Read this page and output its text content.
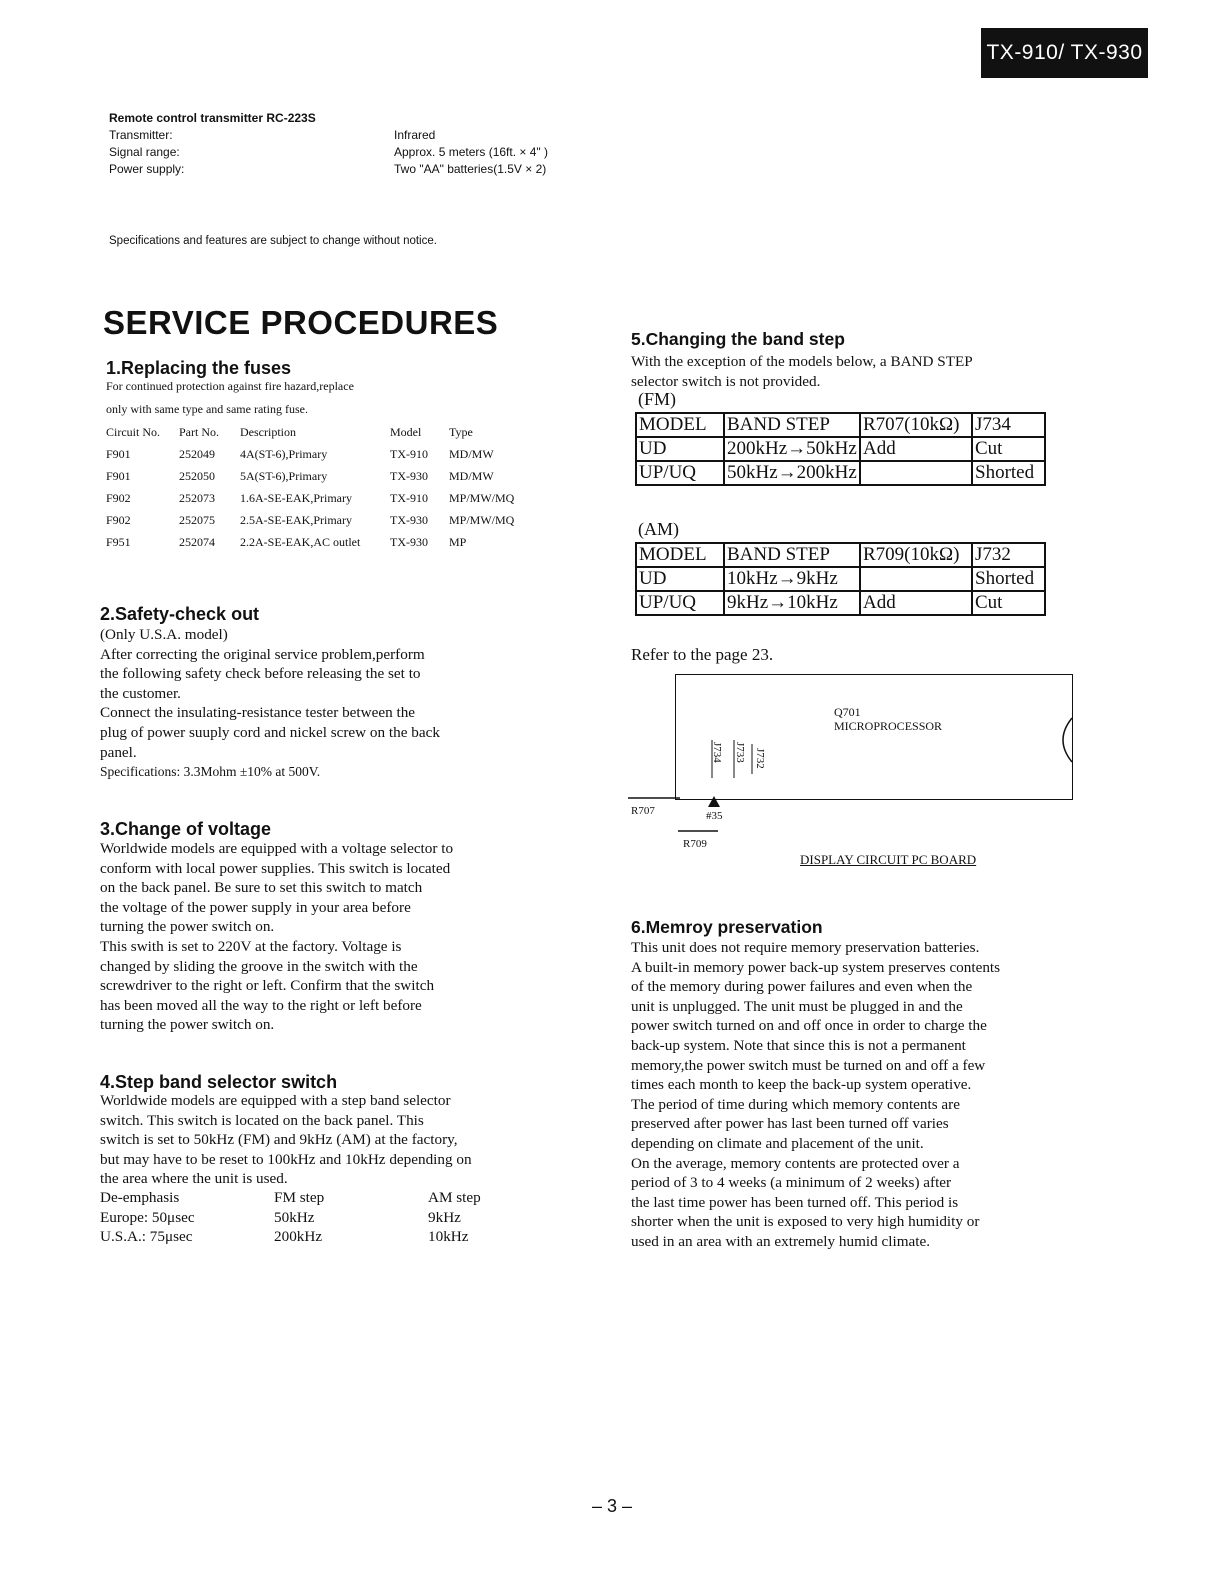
TX-910/ TX-930
Remote control transmitter RC-223S
Transmitter:	Infrared
Signal range:	Approx. 5 meters (16ft. × 4" )
Power supply:	Two "AA" batteries(1.5V × 2)
Specifications and features are subject to change without notice.
SERVICE PROCEDURES
1.Replacing the fuses
For continued protection against fire hazard,replace
only with same type and same rating fuse.
Circuit No.	Part No.	Description	Model	Type
F901	252049	4A(ST-6),Primary	TX-910	MD/MW
F901	252050	5A(ST-6),Primary	TX-930	MD/MW
F902	252073	1.6A-SE-EAK,Primary	TX-910	MP/MW/MQ
F902	252075	2.5A-SE-EAK,Primary	TX-930	MP/MW/MQ
F951	252074	2.2A-SE-EAK,AC outlet	TX-930	MP
2.Safety-check out
(Only U.S.A. model)
After correcting the original service problem,perform
the following safety check before releasing the set to
the customer.
Connect the insulating-resistance tester between the
plug of power suuply cord and nickel screw on the back
panel.
Specifications: 3.3Mohm ±10% at 500V.
3.Change of voltage
Worldwide models are equipped with a voltage selector to
conform with local power supplies. This switch is located
on the back panel. Be sure to set this switch to match
the voltage of the power supply in your area before
turning the power switch on.
This swith is set to 220V at the factory. Voltage is
changed by sliding the groove in the switch with the
screwdriver to the right or left. Confirm that the switch
has been moved all the way to the right or left before
turning the power switch on.
4.Step band selector switch
Worldwide models are equipped with a step band selector
switch. This switch is located on the back panel. This
switch is set to 50kHz (FM) and 9kHz (AM) at the factory,
but may have to be reset to 100kHz and 10kHz depending on
the area where the unit is used.
De-emphasis	FM step	AM step
Europe: 50μsec	50kHz	9kHz
U.S.A.: 75μsec	200kHz	10kHz
5.Changing the band step
With the exception of the models below, a BAND STEP
selector switch is not provided.
(FM)
MODEL	BAND STEP	R707(10kΩ)	J734
UD	200kHz→50kHz	Add	Cut
UP/UQ	50kHz→200kHz		Shorted
(AM)
MODEL	BAND STEP	R709(10kΩ)	J732
UD	10kHz→9kHz		Shorted
UP/UQ	9kHz→10kHz	Add	Cut
Refer to the page 23.
Q701
MICROPROCESSOR
J734 J733 J732
R707	#35
R709
DISPLAY CIRCUIT PC BOARD
6.Memroy preservation
This unit does not require memory preservation batteries.
A built-in memory power back-up system preserves contents
of the memory during power failures and even when the
unit is unplugged. The unit must be plugged in and the
power switch turned on and off once in order to charge the
back-up system. Note that since this is not a permanent
memory,the power switch must be turned on and off a few
times each month to keep the back-up system operative.
The period of time during which memory contents are
preserved after power has last been turned off varies
depending on climate and placement of the unit.
On the average, memory contents are protected over a
period of 3 to 4 weeks (a minimum of 2 weeks) after
the last time power has been turned off. This period is
shorter when the unit is exposed to very high humidity or
used in an area with an extremely humid climate.
– 3 –
